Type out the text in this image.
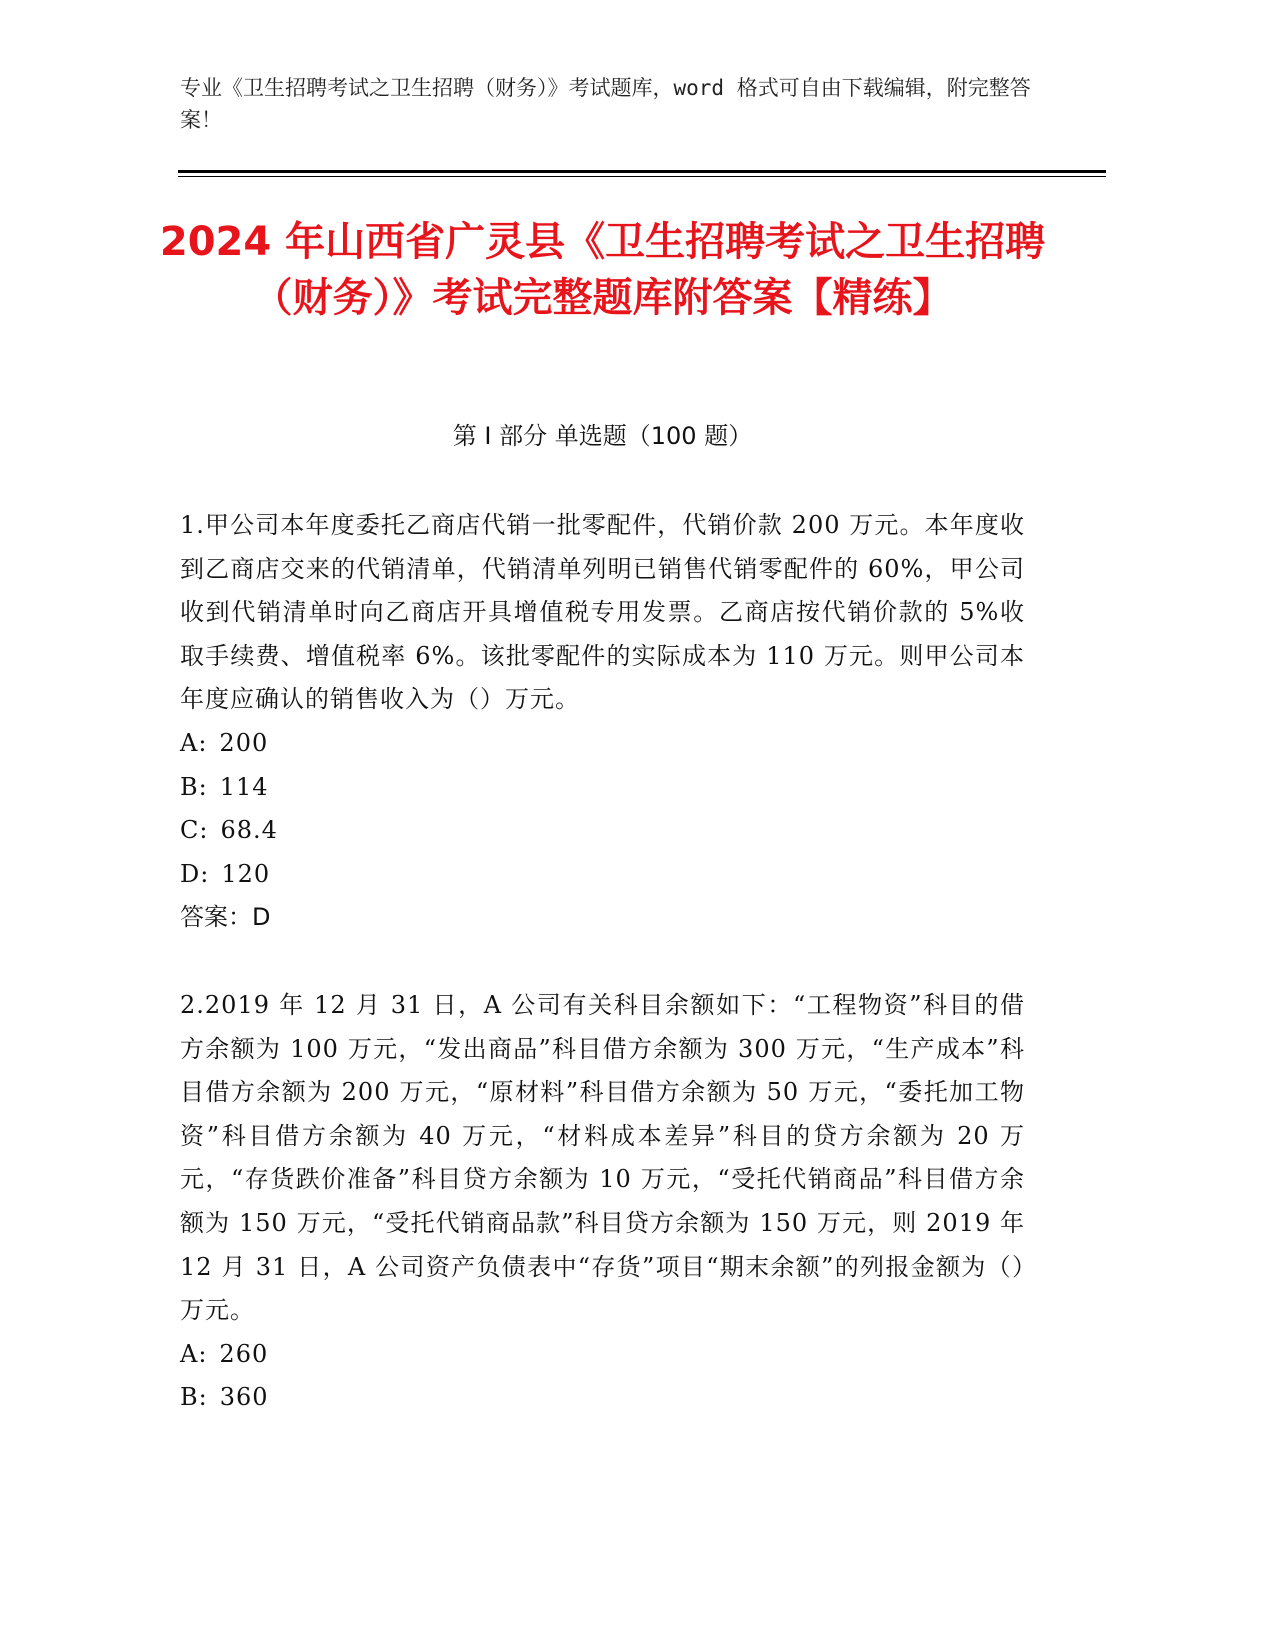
专业《卫生招聘考试之卫生招聘（财务）》考试题库，word 格式可自由下载编辑，附完整答案！
2024 年山西省广灵县《卫生招聘考试之卫生招聘（财务）》考试完整题库附答案【精练】
第 I 部分 单选题（100 题）
1.甲公司本年度委托乙商店代销一批零配件，代销价款 200 万元。本年度收到乙商店交来的代销清单，代销清单列明已销售代销零配件的 60%，甲公司收到代销清单时向乙商店开具增值税专用发票。乙商店按代销价款的 5%收取手续费、增值税率 6%。该批零配件的实际成本为 110 万元。则甲公司本年度应确认的销售收入为（）万元。
A: 200
B: 114
C: 68.4
D: 120
答案：D
2.2019 年 12 月 31 日，A 公司有关科目余额如下：“工程物资”科目的借方余额为 100 万元，“发出商品”科目借方余额为 300 万元，“生产成本”科目借方余额为 200 万元，“原材料”科目借方余额为 50 万元，“委托加工物资”科目借方余额为 40 万元，“材料成本差异”科目的贷方余额为 20 万元，“存货跌价准备”科目贷方余额为 10 万元，“受托代销商品”科目借方余额为 150 万元，“受托代销商品款”科目贷方余额为 150 万元，则 2019 年 12 月 31 日，A 公司资产负债表中“存货”项目“期末余额”的列报金额为（）万元。
A: 260
B: 360
